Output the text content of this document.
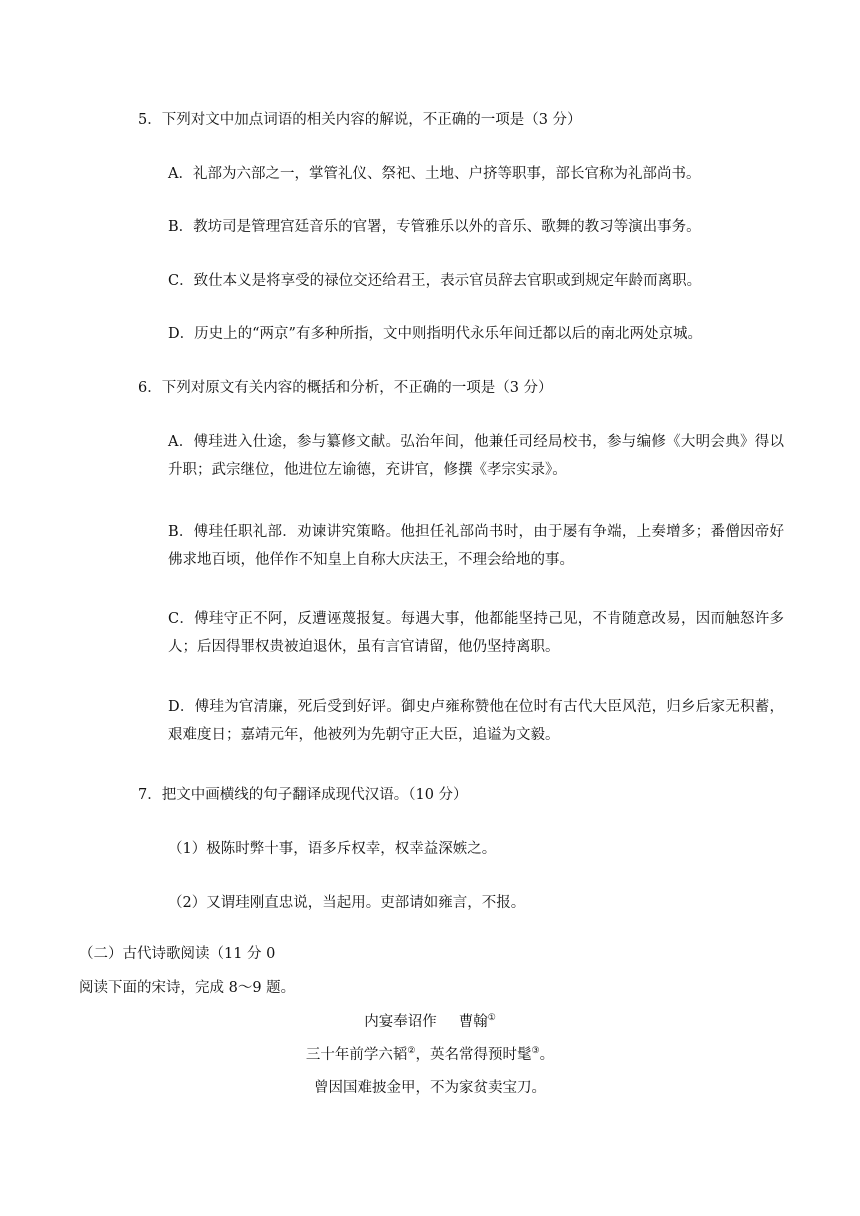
5．下列对文中加点词语的相关内容的解说，不正确的一项是（3 分）
A．礼部为六部之一，掌管礼仪、祭祀、土地、户挤等职事，部长官称为礼部尚书。
B．教坊司是管理宫廷音乐的官署，专管雅乐以外的音乐、歌舞的教习等演出事务。
C．致仕本义是将享受的禄位交还给君王，表示官员辞去官职或到规定年龄而离职。
D．历史上的“两京”有多种所指，文中则指明代永乐年间迁都以后的南北两处京城。
6．下列对原文有关内容的概括和分析，不正确的一项是（3 分）
A．傅珪进入仕途，参与纂修文献。弘治年间，他兼任司经局校书，参与编修《大明会典》得以升职；武宗继位，他进位左谕德，充讲官，修撰《孝宗实录》。
B．傅珪任职礼部．劝谏讲究策略。他担任礼部尚书时，由于屡有争端，上奏增多；番僧因帝好佛求地百顷，他佯作不知皇上自称大庆法王，不理会给地的事。
C．傅珪守正不阿，反遭诬蔑报复。每遇大事，他都能坚持己见，不肯随意改易，因而触怒许多人；后因得罪权贵被迫退休，虽有言官请留，他仍坚持离职。
D．傅珪为官清廉，死后受到好评。御史卢雍称赞他在位时有古代大臣风范，归乡后家无积蓄，艰难度日；嘉靖元年，他被列为先朝守正大臣，追谥为文毅。
7．把文中画横线的句子翻译成现代汉语。（10 分）
（1）极陈时弊十事，语多斥权幸，权幸益深嫉之。
（2）又谓珪刚直忠说，当起用。吏部请如雍言，不报。
（二）古代诗歌阅读（11 分 0
阅读下面的宋诗，完成 8～9 题。
内宴奉诏作 曹翰①
三十年前学六韬②，英名常得预时髦③。
曾因国难披金甲，不为家贫卖宝刀。
